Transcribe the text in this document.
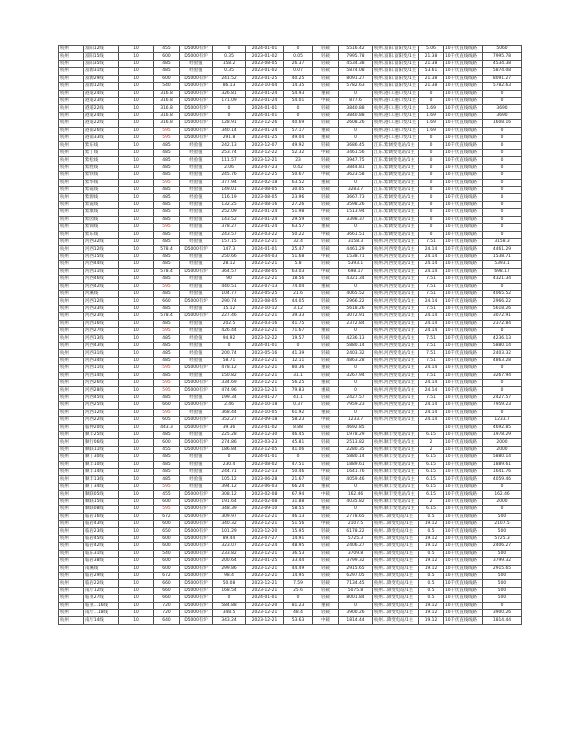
杭州	富阳12线	10	455	D5000有炉	0	2024-01-01	0	轻载	5516.42	杭州.富阳.富阳变/1主	5.06	10千伏直线线路	5060
杭州	富阳15线	10	600	D5000有炉	0.35	2023-01-02	0.05	轻载	7995.78	杭州.富阳.富阳变/1主	21.38	10千伏直线线路	7995.78
杭州	富阳35线	10	485	经验值	158.2	2023-08-05	26.37	轻载	4534.38	杭州.富阳.富阳变/1主	21.38	10千伏直线线路	4534.38
杭州	富源31线	10	485	经验值	0.35	2023-01-02	0.07	轻载	5874.08	杭州.富阳.富阳变/1主	53.61	10千伏直线线路	5874.08
杭州	富源29线	10	600	D5000有炉	241.52	2023-01-25	40.25	轻载	8091.27	杭州.富阳.富阳变/1主	21.38	10千伏直线线路	8091.27
杭州	富源12线	10	540	D5000有炉	86.13	2023-10-04	14.35	轻载	5782.63	杭州.富阳.富阳变/1主	21.38	10千伏直线线路	5782.63
杭州	港道24线	10	316.8	D5000有炉	326.81	2023-01-24	54.93	重载	0	杭州.港口.港口变/1主	0	10千伏直线线路	0
杭州	港道23线	10	316.8	D5000有炉	171.09	2023-01-24	54.01	中载	877.6	杭州.港口.港口变/1主	0	10千伏直线线路	0
杭州	港道22线	10	316.8	D5000有炉	0	2024-01-01	0	轻载	3840.88	杭州.港口.港口变/1主	1.69	10千伏直线线路	3690
杭州	港道24线	10	316.8	D5000有炉	0	2024-01-01	0	轻载	3840.88	杭州.港口.港口变/1主	1.69	10千伏直线线路	3690
杭州	港道22线	10	316.8	D5000有炉	128.91	2023-12-26	40.69	轻载	2608.26	杭州.港口.港口变/1主	1.69	10千伏直线线路	1608.16
杭州	港南26线	10	595	D5000有炉	340.14	2023-01-24	57.17	重载	0	杭州.港口.港口变/1主	1.69	10千伏直线线路	0
杭州	港南33线	10	595	D5000有炉	291.8	2023-01-25	49.04	重载	0	杭州.港口.港口变/1主	0	10千伏直线线路	0
杭州	紫东线	10	485	经验值	242.13	2023-12-07	49.92	轻载	3686.45	江东.紫阔变电站/1主	0	10千伏直线线路	0
杭州	紫丁线	10	485	经验值	253.74	2023-12-22	52.32	中载	3461.56	江东.紫阔变电站/1主	0	10千伏直线线路	0
杭州	紫松线	10	485	经验值	111.57	2023-12-21	23	轻载	3947.75	江东.紫阔变电站/1主	0	10千伏直线线路	0
杭州	紫胜线	10	485	经验值	2.06	2023-07-23	0.42	轻载	3844.81	江东.紫阔变电站/1主	0	10千伏直线线路	0
杭州	紫铁线	10	485	经验值	245.76	2023-12-25	50.67	中载	3623.58	江东.紫阔变电站/1主	0	10千伏直线线路	0
杭州	紫华线	10	595	经验值	377.94	2023-02-18	63.52	重载	0	江东.紫阔变电站/1主	0	10千伏直线线路	0
杭州	紫霞线	10	485	经验值	149.01	2023-08-05	30.05	轻载	3283.7	江东.紫阔变电站/1主	0	10千伏直线线路	0
杭州	紫源线	10	485	经验值	116.19	2023-08-05	23.96	轻载	3667.73	江东.紫阔变电站/1主	0	10千伏直线线路	0
杭州	紫霞线	10	485	经验值	132.25	2023-08-16	27.26	轻载	3598.26	江东.紫阔变电站/1主	0	10千伏直线线路	0
杭州	紫康线	10	485	经验值	252.09	2023-01-24	51.98	中载	1513.94	江东.紫阔变电站/1主	0	10千伏直线线路	0
杭州	紫园线	10	485	经验值	143.52	2023-01-24	29.59	轻载	3398.37	江东.紫阔变电站/1主	0	10千伏直线线路	0
杭州	紫锦线	10	595	经验值	378.27	2023-01-24	63.57	重载	0	江东.紫阔变电站/1主	0	10千伏直线线路	0
杭州	紫东线	10	485	经验值	243.57	2023-03-22	50.22	中载	3661.51	江东.紫阔变电站/1主	0	10千伏直线线路	0
杭州	河西32线	10	485	经验值	157.15	2023-12-21	32.4	轻载	3158.3	杭州.河西变电站/1主	7.51	10千伏直线线路	3158.3
杭州	河西12线	10	578.4	D5000有炉	147.3	2024-01-01	25.47	轻载	4461.29	杭州.河西变电站/1主	24.14	10千伏直线线路	4461.29
杭州	河西15线	10	485	经验值	250.66	2023-04-03	51.68	中载	1538.71	杭州.河西变电站/1主	24.14	10千伏直线线路	1538.71
杭州	河西44线	10	485	经验值	28.12	2023-12-21	5.8	轻载	5393.1	杭州.河西变电站/1主	24.14	10千伏直线线路	5393.1
杭州	河西11线	10	578.4	D5000有炉	364.57	2023-08-05	63.03	中载	698.17	杭州.河西变电站/1主	24.14	10千伏直线线路	698.17
杭州	河西46线	10	485	经验值	90	2023-12-21	18.56	轻载	4321.34	杭州.河西变电站/1主	7.51	10千伏直线线路	4321.34
杭州	河西42线	10	595	经验值	440.51	2023-07-13	74.04	重载	0	杭州.河西变电站/1主	7.51	10千伏直线线路	0
杭州	河溪线	10	485	经验值	104.77	2023-05-25	21.6	轻载	4065.52	杭州.河西变电站/1主	7.51	10千伏直线线路	4065.52
杭州	河西12线	10	660	D5000有炉	290.74	2023-08-05	44.05	轻载	2966.22	杭州.河西变电站/1主	24.14	10千伏直线线路	2966.22
杭州	河西33线	10	485	经验值	15.12	2023-10-12	3.12	轻载	5618.26	杭州.河西变电站/1主	7.51	10千伏直线线路	5618.26
杭州	河西23线	10	578.4	D5000有炉	227.46	2023-12-21	39.33	轻载	3072.91	杭州.河西变电站/1主	24.14	10千伏直线线路	3072.91
杭州	河西16线	10	485	经验值	202.5	2023-03-16	41.75	轻载	2372.84	杭州.河西变电站/1主	24.14	10千伏直线线路	2372.84
杭州	河西27线	10	595	经验值	426.44	2023-12-21	71.67	重载	0	杭州.河西变电站/1主	24.14	10千伏直线线路	0
杭州	河西13线	10	485	经验值	94.92	2023-12-22	19.57	轻载	4236.13	杭州.河西变电站/1主	7.51	10千伏直线线路	4236.13
杭州	河西43线	10	485	经验值	0	2024-01-01	0	轻载	5880.14	杭州.河西变电站/1主	7.51	10千伏直线线路	5880.14
杭州	河西31线	10	485	经验值	200.74	2023-05-16	41.39	轻载	2403.32	杭州.河西变电站/1主	7.51	10千伏直线线路	2403.32
杭州	河西34线	10	485	经验值	58.71	2023-12-21	12.11	轻载	4863.28	杭州.河西变电站/1主	7.51	10千伏直线线路	4863.28
杭州	河西11线	10	595	D5000有炉	478.12	2023-12-21	80.36	重载	0	杭州.河西变电站/1主	24.14	10千伏直线线路	0
杭州	河西14线	10	485	经验值	150.82	2023-12-21	31.1	轻载	3267.94	杭州.河西变电站/1主	7.51	10千伏直线线路	3267.94
杭州	河西26线	10	595	D5000有炉	334.69	2023-12-21	56.25	重载	0	杭州.河西变电站/1主	24.14	10千伏直线线路	0
杭州	河西28线	10	595	D5000有炉	474.96	2023-12-21	79.83	重载	0	杭州.河西变电站/1主	24.14	10千伏直线线路	0
杭州	河西45线	10	485	经验值	199.34	2023-01-27	41.1	轻载	2427.57	杭州.河西变电站/1主	7.51	10千伏直线线路	2427.57
杭州	河西25线	10	660	D5000有炉	2.46	2023-10-18	0.37	轻载	7959.23	杭州.河西变电站/1主	24.14	10千伏直线线路	7959.23
杭州	河西12线	10	595	经验值	368.44	2023-10-05	61.92	重载	0	杭州.河西变电站/1主	24.14	10千伏直线线路	0
杭州	河西22线	10	605	D5000有炉	352.27	2023-09-18	58.23	中载	1233.7	杭州.河西变电站/1主	24.14	10千伏直线线路	1233.7
杭州	临仲20线	10	443.3	D5000有炉	39.36	2023-01-02	8.88	轻载	4692.85			10千伏直线线路	4692.85
杭州	顺丰25线	10	485	经验值	225.28	2023-12-30	46.45	轻载	1978.29	杭州.顺丰变电站/1主	6.15	10千伏直线线路	1978.29
杭州	顺行06线	10	600	D5000有炉	274.86	2023-03-23	45.81	轻载	2513.82	杭州.顺丰变电站/1主	2	10千伏直线线路	2000
杭州	顺联11线	10	455	D5000有炉	186.84	2023-12-05	41.06	轻载	2280.35	杭州.顺丰变电站/1主	2	10千伏直线线路	2000
杭州	顺丁30线	10	485	经验值	0	2024-01-01	0	轻载	5880.14	杭州.顺丰变电站/1主	6.15	10千伏直线线路	5880.14
杭州	顺丰10线	10	485	经验值	230.4	2023-08-02	47.51	轻载	1889.61	杭州.顺丰变电站/1主	6.15	10千伏直线线路	1889.61
杭州	顺丰14线	10	485	经验值	244.71	2023-12-13	50.46	中载	1641.76	杭州.顺丰变电站/1主	6.15	10千伏直线线路	1641.76
杭州	顺丰13线	10	485	经验值	105.12	2023-06-28	21.67	轻载	4059.46	杭州.顺丰变电站/1主	6.15	10千伏直线线路	4059.46
杭州	顺丁34线	10	595	经验值	394.12	2023-06-03	66.24	重载	0	杭州.顺丰变电站/1主	6.15	10千伏直线线路	0
杭州	顺联05线	10	455	D5000有炉	308.12	2023-02-08	67.94	中载	162.46	杭州.顺丰变电站/1主	6.15	10千伏直线线路	162.46
杭州	顺联15线	10	600	D5000有炉	191.64	2023-02-08	31.88	轻载	4035.82	杭州.顺丰变电站/1主	2	10千伏直线线路	2000
杭州	顺联08线	10	595	D5000有炉	348.39	2023-09-10	58.55	重载	0	杭州.顺丰变电站/1主	6.15	10千伏直线线路	0
杭州	临岩16线	10	672	D5000有炉	309.97	2023-12-21	46.13	轻载	2778.65	杭州...降变电站/1主	0.5	10千伏直线线路	500
杭州	临岩43线	10	600	D5000有炉	340.32	2023-12-21	51.56	中载	2107.5	杭州...降变电站/1主	19.12	10千伏直线线路	2107.5
杭州	临岩23线	10	650	D5000有炉	101.29	2023-12-20	15.95	轻载	6178.22	杭州...降变电站/1主	0.5	10千伏直线线路	500
杭州	临岩45线	10	600	D5000有炉	89.44	2023-07-27	14.91	轻载	5725.3	杭州...降变电站/1主	19.12	10千伏直线线路	5725.3
杭州	临岩42线	10	600	D5000有炉	323.07	2023-12-24	48.95	轻载	2406.27	杭州...降变电站/1主	19.12	10千伏直线线路	2406.27
杭州	临东31线	10	540	D5000有炉	233.82	2023-12-21	36.53	轻载	3709.8	杭州...降变电站/1主	0.5	10千伏直线线路	500
杭州	临岩38线	10	600	D5000有炉	200.64	2023-01-25	33.44	轻载	3799.32	杭州...降变电站/1主	19.12	10千伏直线线路	3799.32
杭州	南溪线	10	600	D5000有炉	299.86	2023-12-21	44.49	轻载	2915.65	杭州...降变电站/1主	19.12	10千伏直线线路	2915.65
杭州	临岩29线	10	672	D5000有炉	98.4	2023-12-21	14.95	轻载	6297.05	杭州...降变电站/1主	0.5	10千伏直线线路	500
杭州	临岩22线	10	660	D5000有炉	50.08	2023-12-21	7.59	轻载	7134.45	杭州...降变电站/1主	0.5	10千伏直线线路	500
杭州	南厅12线	10	660	D5000有炉	168.54	2023-12-21	25.6	轻载	5075.8	杭州...降变电站/1主	0.5	10千伏直线线路	500
杭州	临亚27线	10	660	D5000有炉	0	2024-01-01	0	轻载	8001.84	杭州...降变电站/1主	0.5	10千伏直线线路	500
杭州	临亚...16线	10	720	D5000有炉	584.88	2023-12-20	81.23	重载	0	杭州...降变电站/1主	19.12	10千伏直线线路	0
杭州	南厅...18线	10	720	D5000有炉	348.5	2023-12-21	48.4	轻载	3900.26	杭州...降变电站/1主	19.12	10千伏直线线路	3900.26
杭州	南厅14线	10	640	D5000有炉	343.24	2023-12-21	53.63	中载	1814.44	杭州...降变电站/1主	19.12	10千伏直线线路	1814.44
